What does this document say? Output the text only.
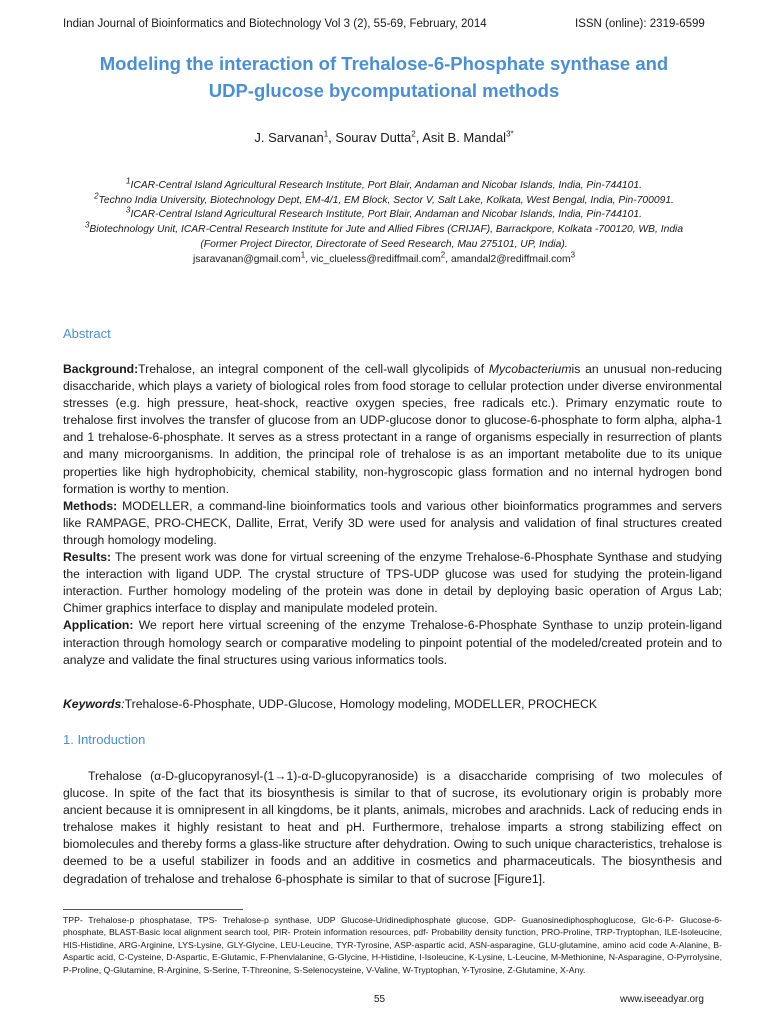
Indian Journal of Bioinformatics and Biotechnology Vol 3 (2), 55-69, February, 2014	ISSN (online): 2319-6599
Modeling the interaction of Trehalose-6-Phosphate synthase and
UDP-glucose bycomputational methods
J. Sarvanan$^1$, Sourav Dutta$^2$, Asit B. Mandal$^{3*}$
$^1$ICAR-Central Island Agricultural Research Institute, Port Blair, Andaman and Nicobar Islands, India, Pin-744101.
$^2$Techno India University, Biotechnology Dept, EM-4/1, EM Block, Sector V, Salt Lake, Kolkata, West Bengal, India, Pin-700091.
$^3$ICAR-Central Island Agricultural Research Institute, Port Blair, Andaman and Nicobar Islands, India, Pin-744101.
$^3$Biotechnology Unit, ICAR-Central Research Institute for Jute and Allied Fibres (CRIJAF), Barrackpore, Kolkata -700120, WB, India
(Former Project Director, Directorate of Seed Research, Mau 275101, UP, India).
jsaravanan@gmail.com$^1$, vic_clueless@rediffmail.com$^2$, amandal2@rediffmail.com$^3$
Abstract

Background:Trehalose, an integral component of the cell-wall glycolipids of Mycobacteriumis an unusual non-reducing disaccharide, which plays a variety of biological roles from food storage to cellular protection under diverse environmental stresses (e.g. high pressure, heat-shock, reactive oxygen species, free radicals etc.). Primary enzymatic route to trehalose first involves the transfer of glucose from an UDP-glucose donor to glucose-6-phosphate to form alpha, alpha-1 and 1 trehalose-6-phosphate. It serves as a stress protectant in a range of organisms especially in resurrection of plants and many microorganisms. In addition, the principal role of trehalose is as an important metabolite due to its unique properties like high hydrophobicity, chemical stability, non-hygroscopic glass formation and no internal hydrogen bond formation is worthy to mention.

Methods: MODELLER, a command-line bioinformatics tools and various other bioinformatics programmes and servers like RAMPAGE, PRO-CHECK, Dallite, Errat, Verify 3D were used for analysis and validation of final structures created through homology modeling.

Results: The present work was done for virtual screening of the enzyme Trehalose-6-Phosphate Synthase and studying the interaction with ligand UDP. The crystal structure of TPS-UDP glucose was used for studying the protein-ligand interaction. Further homology modeling of the protein was done in detail by deploying basic operation of Argus Lab; Chimer graphics interface to display and manipulate modeled protein.

Application: We report here virtual screening of the enzyme Trehalose-6-Phosphate Synthase to unzip protein-ligand interaction through homology search or comparative modeling to pinpoint potential of the modeled/created protein and to analyze and validate the final structures using various informatics tools.

Keywords:Trehalose-6-Phosphate, UDP-Glucose, Homology modeling, MODELLER, PROCHECK
1. Introduction

Trehalose (α-D-glucopyranosyl-(1→1)-α-D-glucopyranoside) is a disaccharide comprising of two molecules of glucose. In spite of the fact that its biosynthesis is similar to that of sucrose, its evolutionary origin is probably more ancient because it is omnipresent in all kingdoms, be it plants, animals, microbes and arachnids. Lack of reducing ends in trehalose makes it highly resistant to heat and pH. Furthermore, trehalose imparts a strong stabilizing effect on biomolecules and thereby forms a glass-like structure after dehydration. Owing to such unique characteristics, trehalose is deemed to be a useful stabilizer in foods and an additive in cosmetics and pharmaceuticals. The biosynthesis and degradation of trehalose and trehalose 6-phosphate is similar to that of sucrose [Figure1].

TPP- Trehalose-p phosphatase, TPS- Trehalose-p synthase, UDP Glucose-Uridinediphosphate glucose, GDP- Guanosinediphosphoglucose, Glc-6-P- Glucose-6-phosphate, BLAST-Basic local alignment search tool, PIR- Protein information resources, pdf- Probability density function, PRO-Proline, TRP-Tryptophan, ILE-Isoleucine, HIS-Histidine, ARG-Arginine, LYS-Lysine, GLY-Glycine, LEU-Leucine, TYR-Tyrosine, ASP-aspartic acid, ASN-asparagine, GLU-glutamine, amino acid code A-Alanine, B-Aspartic acid, C-Cysteine, D-Aspartic, E-Glutamic, F-Phenvlalanine, G-Glycine, H-Histidine, I-Isoleucine, K-Lysine, L-Leucine, M-Methionine, N-Asparagine, O-Pyrrolysine, P-Proline, Q-Glutamine, R-Arginine, S-Serine, T-Threonine, S-Selenocysteine, V-Valine, W-Tryptophan, Y-Tyrosine, Z-Glutamine, X-Any.
55	www.iseeadyar.org
